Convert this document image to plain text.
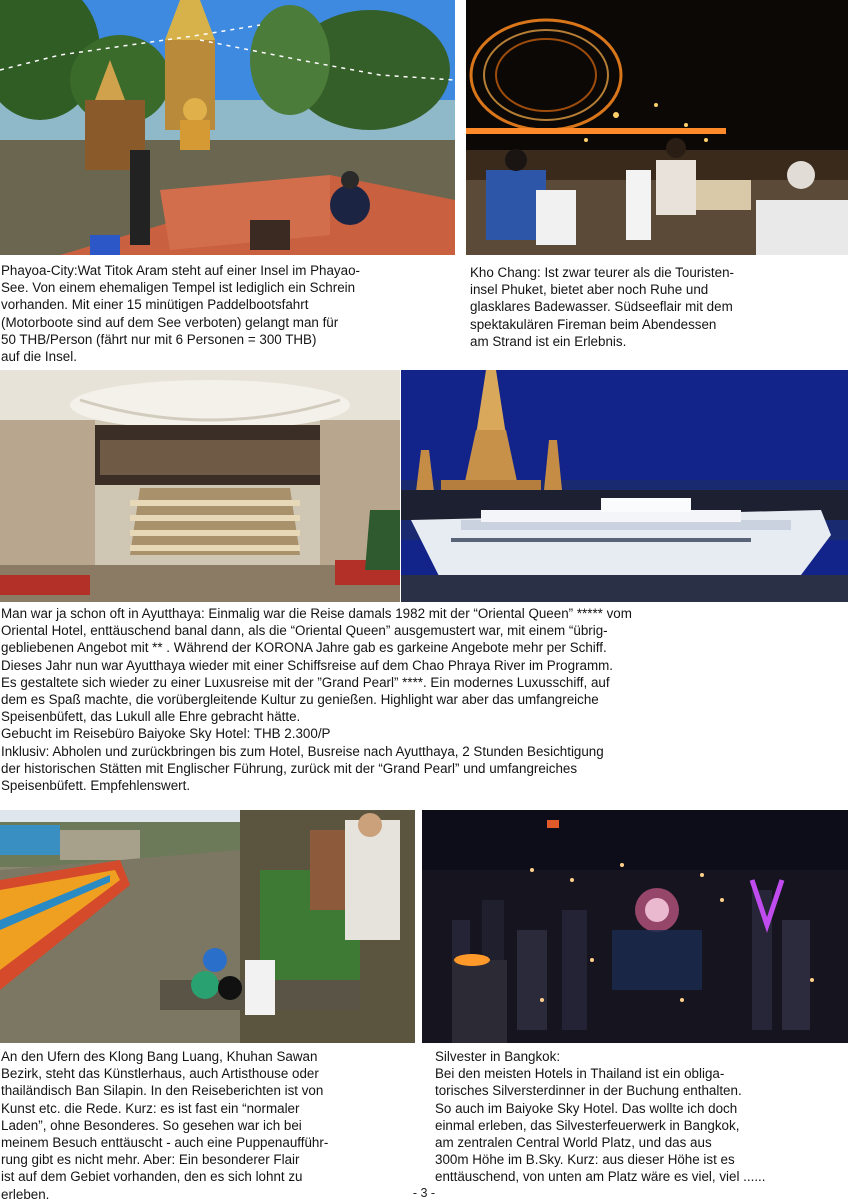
Phayoa-City:Wat Titok Aram steht auf einer Insel im Phayao-
See. Von einem ehemaligen Tempel ist lediglich ein Schrein
vorhanden. Mit einer 15 minütigen Paddelbootsfahrt
(Motorboote sind auf dem See verboten) gelangt man für
50 THB/Person (fährt nur mit 6 Personen = 300 THB)
auf die Insel.
Kho Chang: Ist zwar teurer als die Touristen-
insel Phuket, bietet aber noch Ruhe und
glasklares Badewasser. Südseeflair mit dem
spektakulären Fireman beim Abendessen
am Strand ist ein Erlebnis.
Man war ja schon oft in Ayutthaya: Einmalig war die Reise damals 1982 mit der “Oriental Queen” ***** vom
Oriental Hotel, enttäuschend banal dann, als die “Oriental Queen” ausgemustert war, mit einem “übrig-
gebliebenen Angebot mit ** . Während der KORONA Jahre gab es garkeine Angebote mehr per Schiff.
Dieses Jahr nun war Ayutthaya wieder mit einer Schiffsreise auf dem Chao Phraya River im Programm.
Es gestaltete sich wieder zu einer Luxusreise mit der ”Grand Pearl” ****. Ein modernes Luxusschiff, auf
dem es Spaß machte, die vorübergleitende Kultur zu genießen. Highlight war aber das umfangreiche
Speisenbüfett, das Lukull alle Ehre gebracht hätte.
Gebucht im Reisebüro Baiyoke Sky Hotel: THB 2.300/P
Inklusiv: Abholen und zurückbringen bis zum Hotel, Busreise nach Ayutthaya, 2 Stunden Besichtigung
der historischen Stätten mit Englischer Führung, zurück mit der “Grand Pearl” und umfangreiches
Speisenbüfett. Empfehlenswert.
An den Ufern des Klong Bang Luang, Khuhan Sawan
Bezirk, steht das Künstlerhaus, auch Artisthouse oder
thailändisch Ban Silapin. In den Reiseberichten ist von
Kunst etc. die Rede. Kurz: es ist fast ein “normaler
Laden”, ohne Besonderes. So gesehen war ich bei
meinem Besuch enttäuscht - auch eine Puppenaufführ-
rung gibt es nicht mehr. Aber: Ein besonderer Flair
ist auf dem Gebiet vorhanden, den es sich lohnt zu
erleben.
Silvester in Bangkok:
Bei den meisten Hotels in Thailand ist ein obliga-
torisches Silversterdinner in der Buchung enthalten.
So auch im Baiyoke Sky Hotel. Das wollte ich doch
einmal erleben, das Silvesterfeuerwerk in Bangkok,
am zentralen Central World Platz, und das aus
300m Höhe im B.Sky. Kurz: aus dieser Höhe ist es
enttäuschend, von unten am Platz wäre es viel, viel ......
- 3 -
